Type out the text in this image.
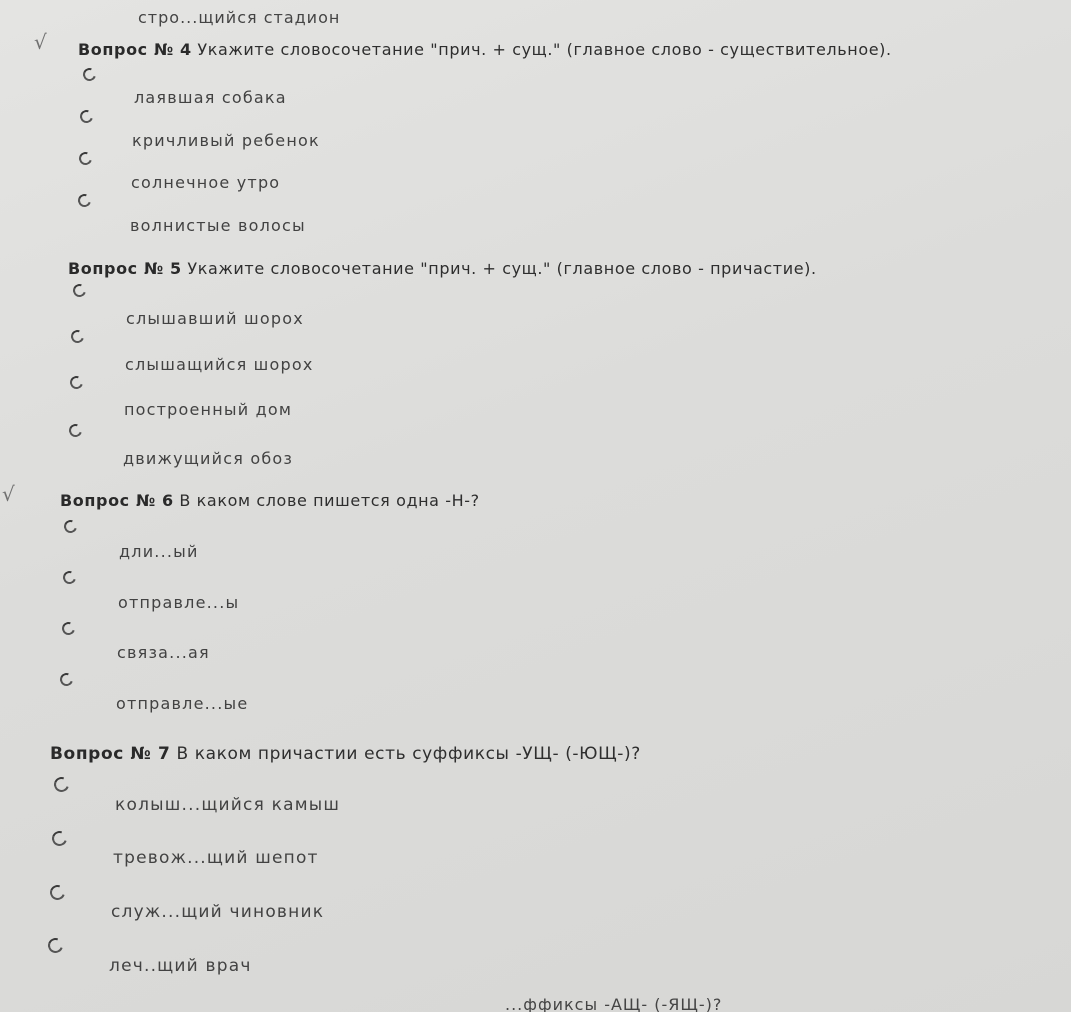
стро...щийся стадион
√ Вопрос № 4 Укажите словосочетание "прич. + сущ." (главное слово - существительное).
лаявшая собака
кричливый ребенок
солнечное утро
волнистые волосы
Вопрос № 5 Укажите словосочетание "прич. + сущ." (главное слово - причастие).
слышавший шорох
слышащийся шорох
построенный дом
движущийся обоз
√	Вопрос № 6 В каком слове пишется одна -Н-?
дли...ый
отправле...ы
связа...ая
отправле...ые
Вопрос № 7 В каком причастии есть суффиксы -УЩ- (-ЮЩ-)?
колыш...щийся камыш
тревож...щий шепот
служ...щий чиновник
леч..щий врач
...ффиксы -АЩ- (-ЯЩ-)?
